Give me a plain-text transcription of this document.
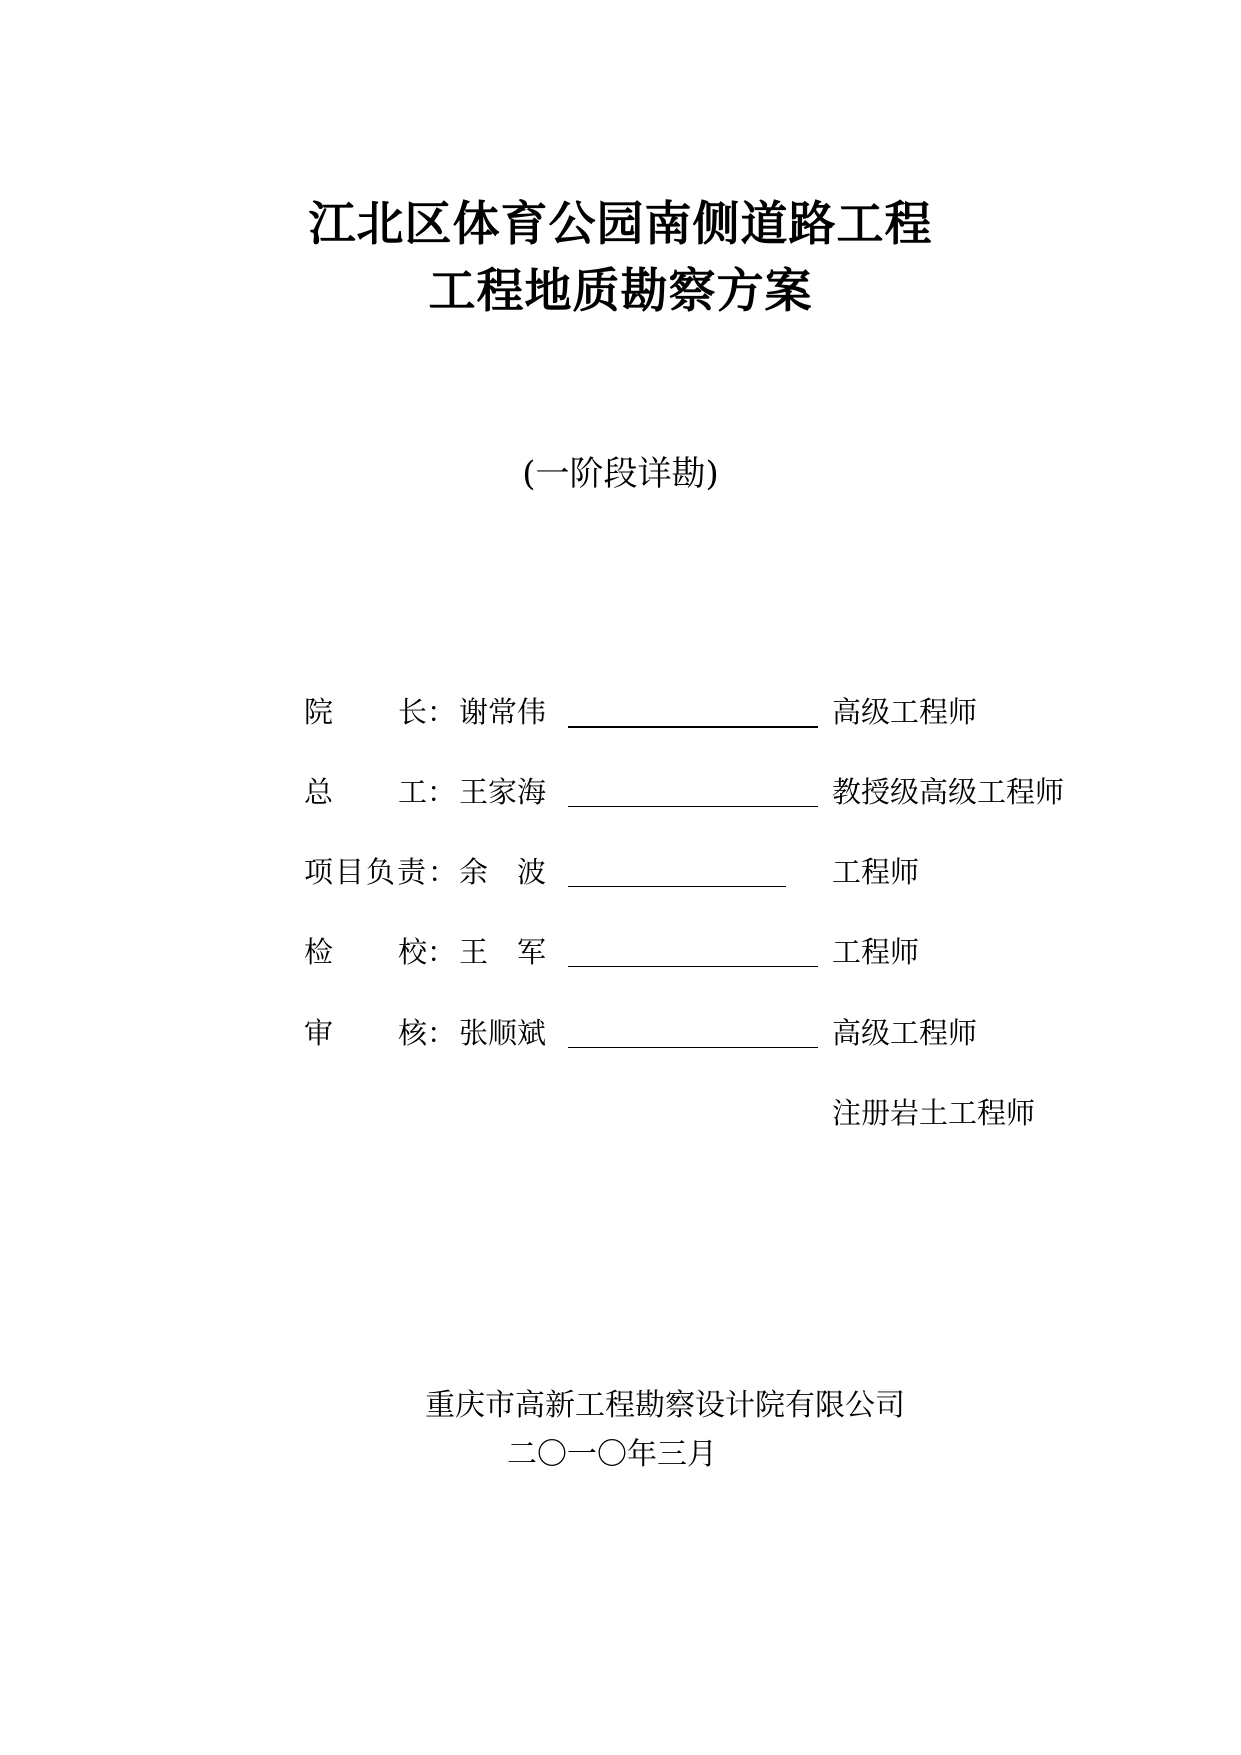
江北区体育公园南侧道路工程
工程地质勘察方案
(一阶段详勘)
院 长： 谢常伟	高级工程师
总 工： 王家海	教授级高级工程师
项目负责： 余　波	工程师
检 校： 王　军	工程师
审 核： 张顺斌	高级工程师
注册岩土工程师
重庆市高新工程勘察设计院有限公司
二〇一〇年三月
